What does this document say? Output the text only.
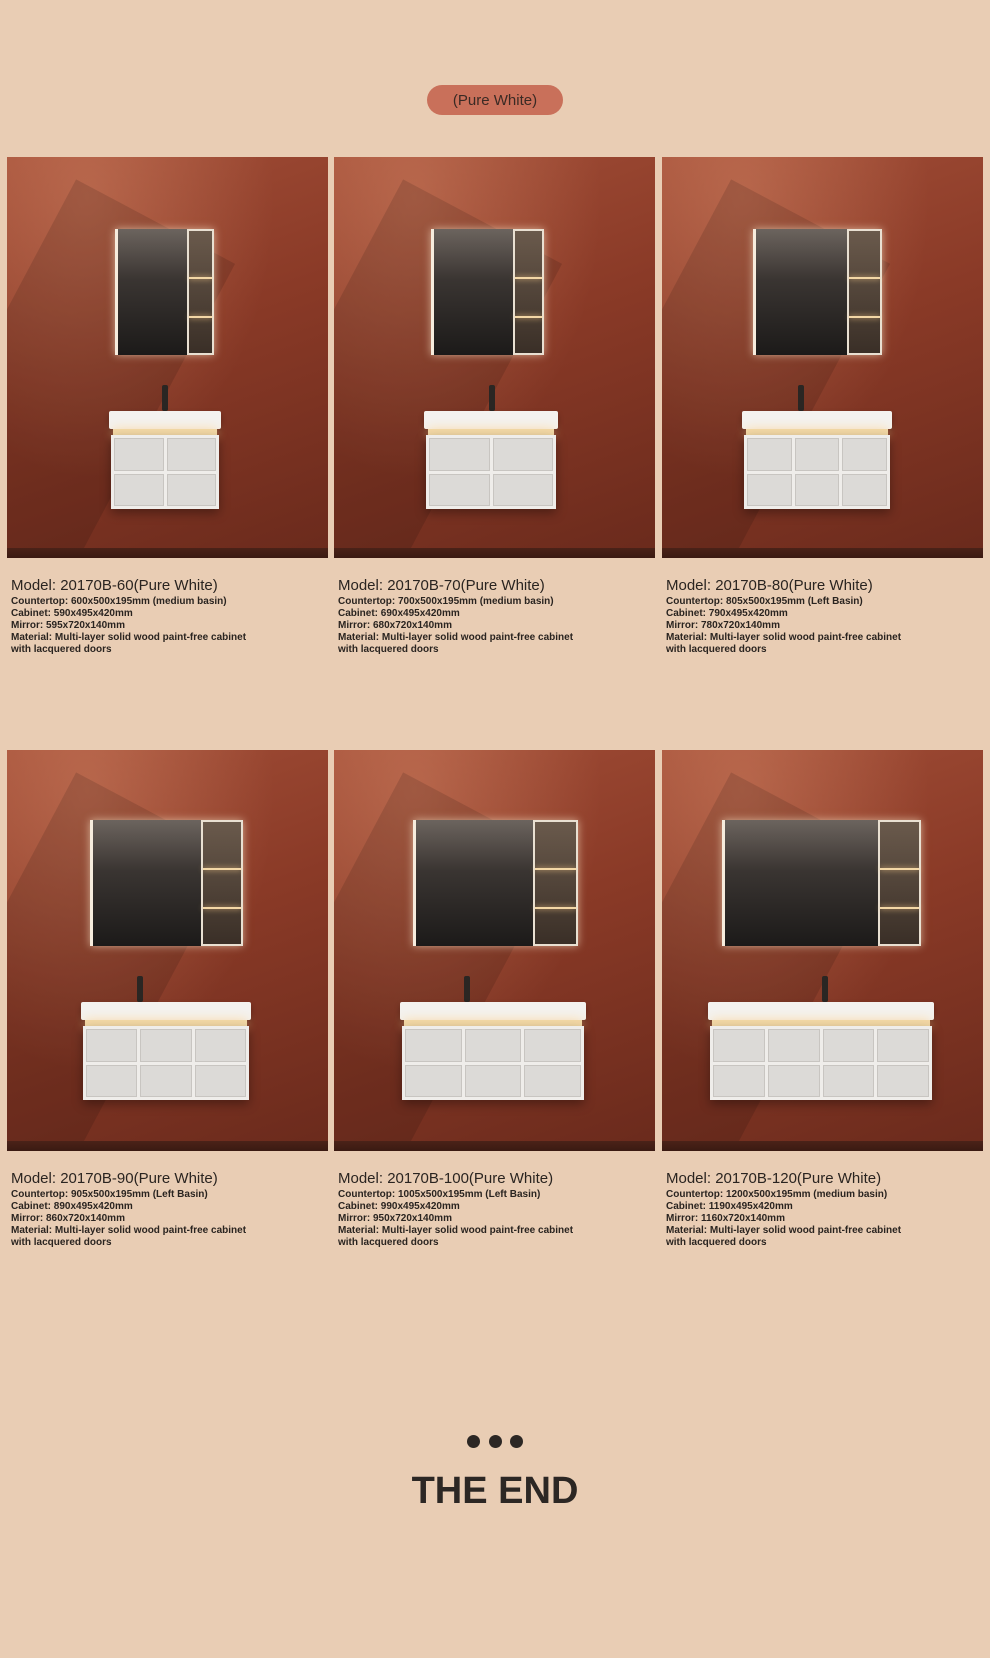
(Pure White)

Model: 20170B-60(Pure White)

Countertop: 600x500x195mm (medium basin)

Cabinet: 590x495x420mm

Mirror: 595x720x140mm

Material: Multi-layer solid wood paint-free cabinet

with lacquered doors

Model: 20170B-70(Pure White)

Countertop: 700x500x195mm (medium basin)

Cabinet: 690x495x420mm

Mirror: 680x720x140mm

Material: Multi-layer solid wood paint-free cabinet

with lacquered doors

Model: 20170B-80(Pure White)

Countertop: 805x500x195mm (Left Basin)

Cabinet: 790x495x420mm

Mirror: 780x720x140mm

Material: Multi-layer solid wood paint-free cabinet

with lacquered doors

Model: 20170B-90(Pure White)

Countertop: 905x500x195mm (Left Basin)

Cabinet: 890x495x420mm

Mirror: 860x720x140mm

Material: Multi-layer solid wood paint-free cabinet

with lacquered doors

Model: 20170B-100(Pure White)

Countertop: 1005x500x195mm (Left Basin)

Cabinet: 990x495x420mm

Mirror: 950x720x140mm

Material: Multi-layer solid wood paint-free cabinet

with lacquered doors

Model: 20170B-120(Pure White)

Countertop: 1200x500x195mm (medium basin)

Cabinet: 1190x495x420mm

Mirror: 1160x720x140mm

Material: Multi-layer solid wood paint-free cabinet

with lacquered doors

THE END
